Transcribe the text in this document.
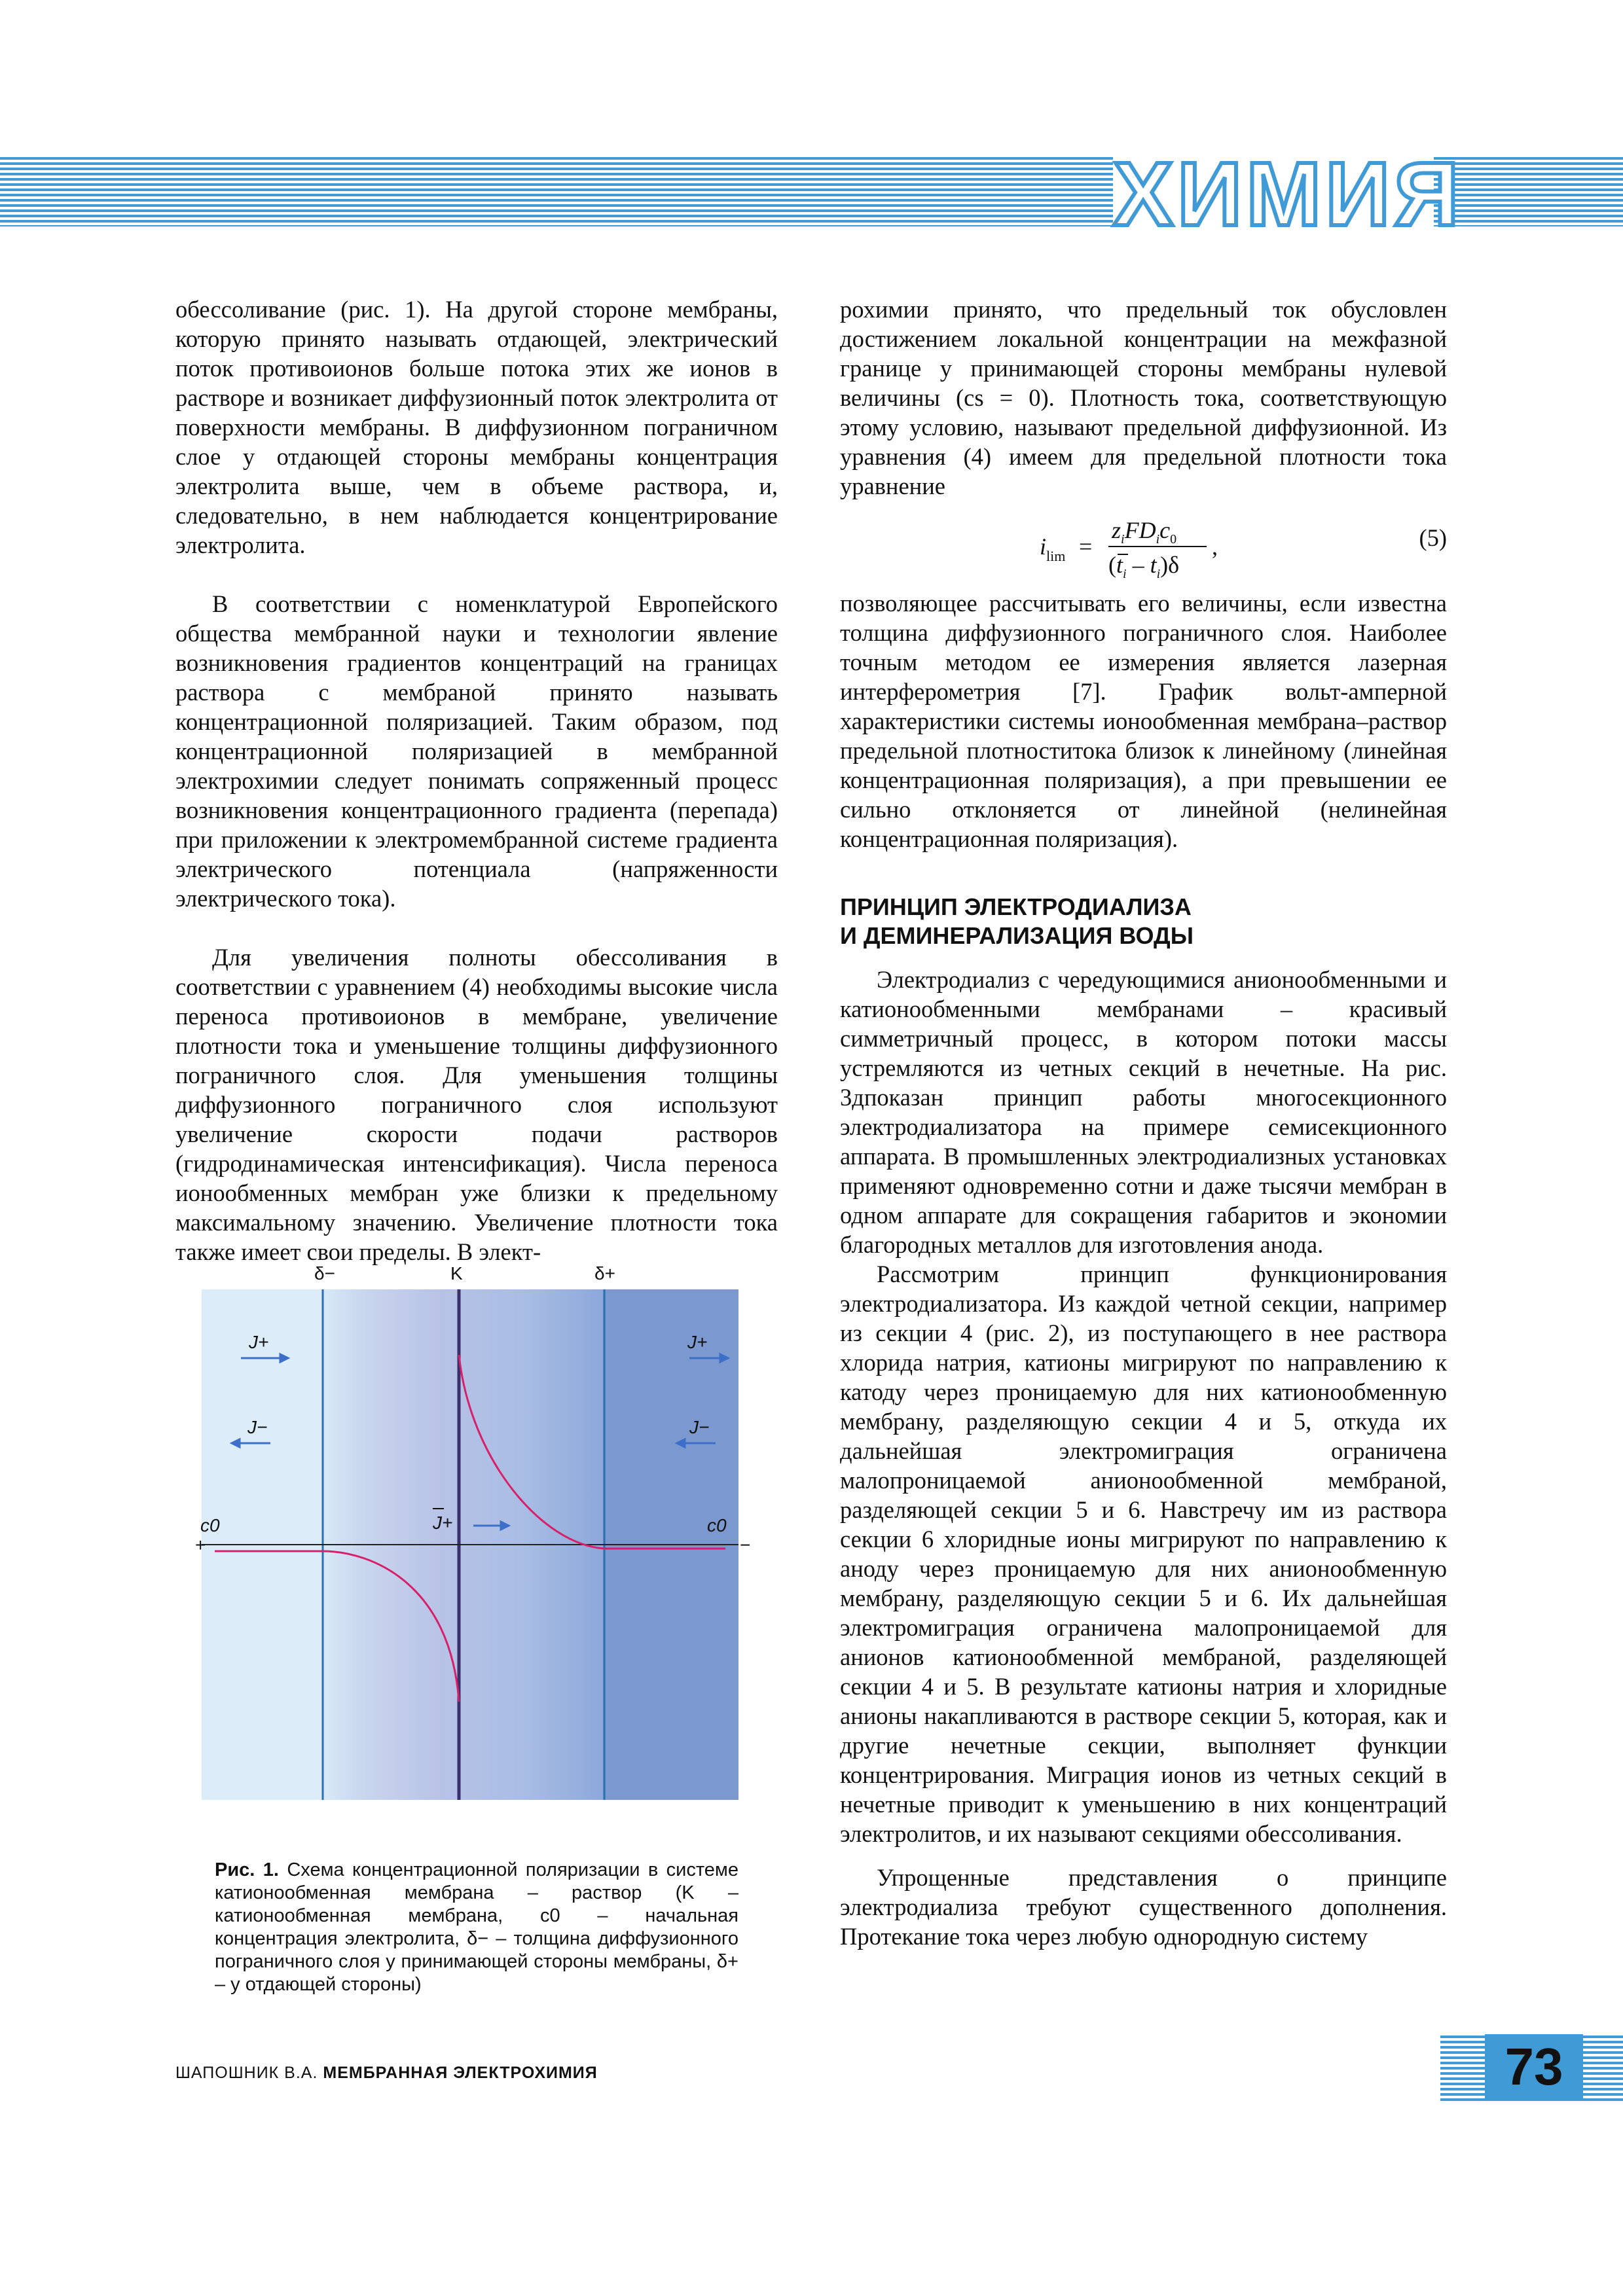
ХИМИЯ

обессоливание (рис. 1). На другой стороне мембраны, которую принято называть отдающей, электрический поток противоионов больше потока этих же ионов в растворе и возникает диффузионный поток электролита от поверхности мембраны. В диффузионном пограничном слое у отдающей стороны мембраны концентрация электролита выше, чем в объеме раствора, и, следовательно, в нем наблюдается концентрирование электролита.

В соответствии с номенклатурой Европейского общества мембранной науки и технологии явление возникновения градиентов концентраций на границах раствора с мембраной принято называть концентрационной поляризацией. Таким образом, под концентрационной поляризацией в мембранной электрохимии следует понимать сопряженный процесс возникновения концентрационного градиента (перепада) при приложении к электромембранной системе градиента электрического потенциала (напряженности электрического тока).

Для увеличения полноты обессоливания в соответствии с уравнением (4) необходимы высокие числа переноса противоионов в мембране, увеличение плотности тока и уменьшение толщины диффузионного пограничного слоя. Для уменьшения толщины диффузионного пограничного слоя используют увеличение скорости подачи растворов (гидродинамическая интенсификация). Числа переноса ионообменных мембран уже близки к предельному максимальному значению. Увеличение плотности тока также имеет свои пределы. В элект-

рохимии принято, что предельный ток обусловлен достижением локальной концентрации на межфазной границе у принимающей стороны мембраны нулевой величины (cs = 0). Плотность тока, соответствующую этому условию, называют предельной диффузионной. Из уравнения (4) имеем для предельной плотности тока уравнение

i lim =
$z_iFD_ic_0$
$(t_i - t_i)\delta$
,	(5)

позволяющее рассчитывать его величины, если известна толщина диффузионного пограничного слоя. Наиболее точным методом ее измерения является лазерная интерферометрия [7]. График вольт-амперной характеристики системы ионообменная мембрана–раствор предельной плотноститока близок к линейному (линейная концентрационная поляризация), а при превышении ее сильно отклоняется от линейной (нелинейная концентрационная поляризация).

ПРИНЦИП ЭЛЕКТРОДИАЛИЗА
И ДЕМИНЕРАЛИЗАЦИЯ ВОДЫ

Электродиализ с чередующимися анионообменными и катионообменными мембранами – красивый симметричный процесс, в котором потоки массы устремляются из четных секций в нечетные. На рис. 3дпоказан принцип работы многосекционного электродиализатора на примере семисекционного аппарата. В промышленных электродиализных установках применяют одновременно сотни и даже тысячи мембран в одном аппарате для сокращения габаритов и экономии благородных металлов для изготовления анода.

Рассмотрим принцип функционирования электродиализатора. Из каждой четной секции, например из секции 4 (рис. 2), из поступающего в нее раствора хлорида натрия, катионы мигрируют по направлению к катоду через проницаемую для них катионообменную мембрану, разделяющую секции 4 и 5, откуда их дальнейшая электромиграция ограничена малопроницаемой анионообменной мембраной, разделяющей секции 5 и 6. Навстречу им из раствора секции 6 хлоридные ионы мигрируют по направлению к аноду через проницаемую для них анионообменную мембрану, разделяющую секции 5 и 6. Их дальнейшая электромиграция ограничена малопроницаемой для анионов катионообменной мембраной, разделяющей секции 4 и 5. В результате катионы натрия и хлоридные анионы накапливаются в растворе секции 5, которая, как и другие нечетные секции, выполняет функции концентрирования. Миграция ионов из четных секций в нечетные приводит к уменьшению в них концентраций электролитов, и их называют секциями обессоливания.

Упрощенные представления о принципе электродиализа требуют существенного дополнения. Протекание тока через любую однородную систему

δ−	K	δ+
J+	J+
J−	J−
J+
c0	c0
+	−
Рис. 1. Схема концентрационной поляризации в системе катионообменная мембрана – раствор (K – катионообменная мембрана, c0 – начальная концентрация электролита, δ− – толщина диффузионного пограничного слоя у принимающей стороны мембраны, δ+ – у отдающей стороны)
ШАПОШНИК В.А. МЕМБРАННАЯ ЭЛЕКТРОХИМИЯ	73
